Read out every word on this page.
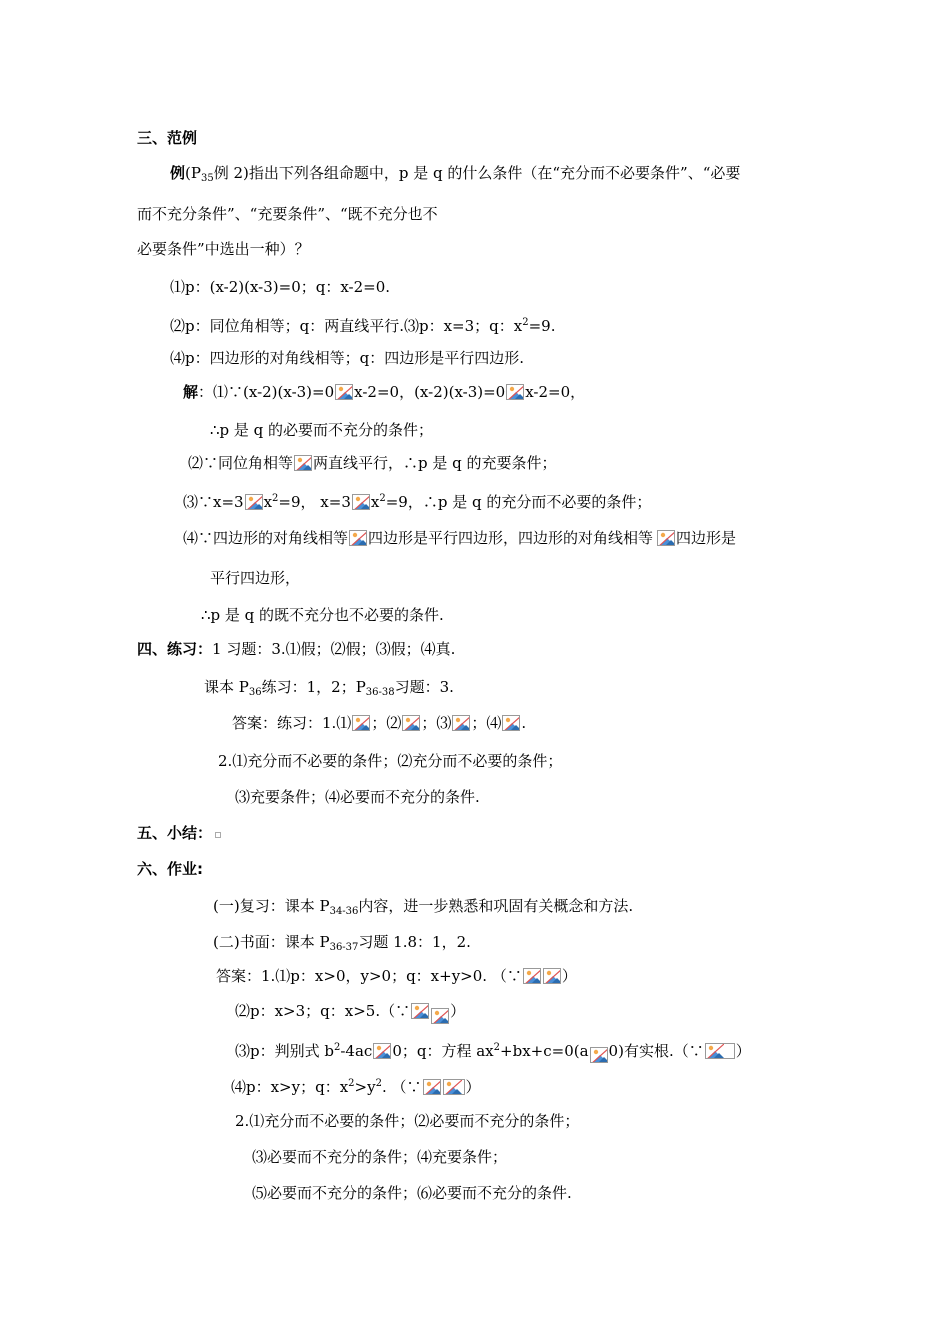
三、范例
例($P_{35}$例 2)指出下列各组命题中，p 是 q 的什么条件（在“充分而不必要条件”、“必要
而不充分条件”、“充要条件”、“既不充分也不
必要条件”中选出一种）？
⑴p：(x-2)(x-3)=0；q：x-2=0.
⑵p：同位角相等；q：两直线平行.⑶p：x=3；q：$x^2=9$.
⑷p：四边形的对角线相等；q：四边形是平行四边形.
解：⑴∵(x-2)(x-3)=0 x-2=0，(x-2)(x-3)=0 x-2=0，
∴p 是 q 的必要而不充分的条件；
⑵∵同位角相等 两直线平行，∴p 是 q 的充要条件；
⑶∵x=3 $x^2=9$， x=3 $x^2=9$，∴p 是 q 的充分而不必要的条件；
⑷∵四边形的对角线相等 四边形是平行四边形，四边形的对角线相等 四边形是
平行四边形，
∴p 是 q 的既不充分也不必要的条件.
四、练习：1 习题：3.⑴假；⑵假；⑶假；⑷真.
课本 $P_{36}$练习：1，2；$P_{36-38}$习题：3.
答案：练习：1.⑴ ；⑵ ；⑶ ；⑷ .
2.⑴充分而不必要的条件；⑵充分而不必要的条件；
⑶充要条件；⑷必要而不充分的条件.
五、小结：
六、作业:
(一)复习：课本 $P_{34-36}$内容，进一步熟悉和巩固有关概念和方法.
(二)书面：课本 $P_{36-37}$习题 1.8：1，2.
答案：1.⑴p：x>0，y>0；q：x+y>0. （∵	）
⑵p：x>3；q：x>5.（∵	）
⑶p：判别式 $b^2-4ac$ 0；q：方程 $ax^2+bx+c=0(a$ 0)有实根.（∵ ）
⑷p：x>y；q：$x^2>y^2$. （∵	）
2.⑴充分而不必要的条件；⑵必要而不充分的条件；
⑶必要而不充分的条件；⑷充要条件；
⑸必要而不充分的条件；⑹必要而不充分的条件.
